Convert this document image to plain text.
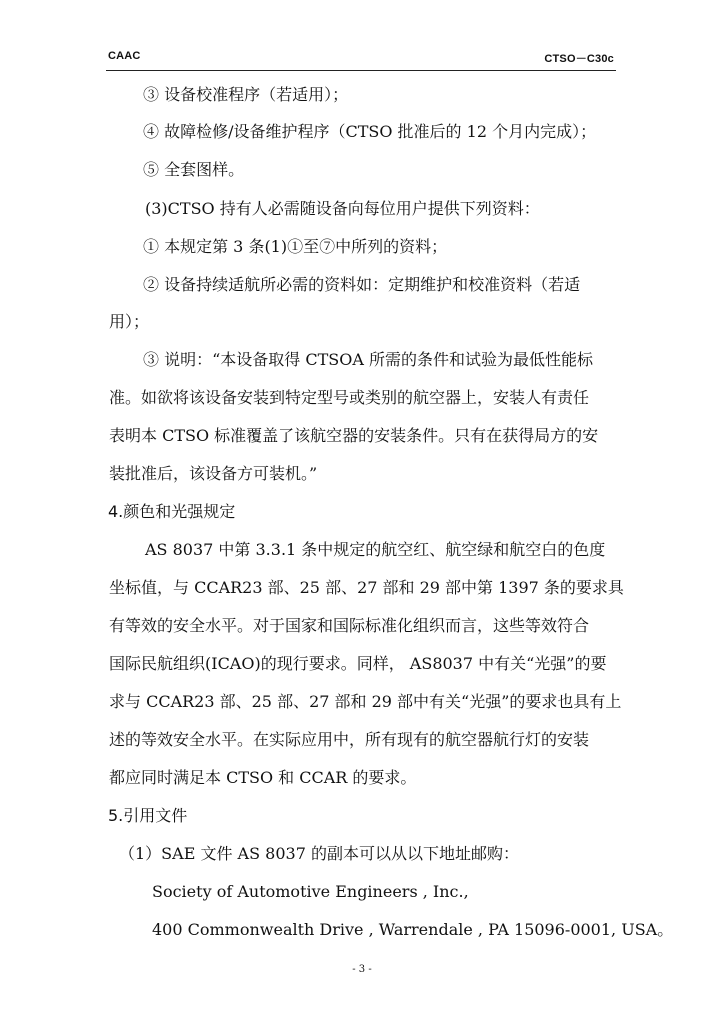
CAAC	CTSO－C30c
③ 设备校准程序（若适用）；
④ 故障检修/设备维护程序（CTSO 批准后的 12 个月内完成）；
⑤ 全套图样。
(3)CTSO 持有人必需随设备向每位用户提供下列资料：
① 本规定第 3 条(1)①至⑦中所列的资料；
② 设备持续适航所必需的资料如：定期维护和校准资料（若适
用）；
③ 说明：“本设备取得 CTSOA 所需的条件和试验为最低性能标
准。如欲将该设备安装到特定型号或类别的航空器上，安装人有责任
表明本 CTSO 标准覆盖了该航空器的安装条件。只有在获得局方的安
装批准后，该设备方可装机。”
4.颜色和光强规定
AS 8037 中第 3.3.1 条中规定的航空红、航空绿和航空白的色度
坐标值，与 CCAR23 部、25 部、27 部和 29 部中第 1397 条的要求具
有等效的安全水平。对于国家和国际标准化组织而言，这些等效符合
国际民航组织(ICAO)的现行要求。同样， AS8037 中有关“光强”的要
求与 CCAR23 部、25 部、27 部和 29 部中有关“光强”的要求也具有上
述的等效安全水平。在实际应用中，所有现有的航空器航行灯的安装
都应同时满足本 CTSO 和 CCAR 的要求。
5.引用文件
（1）SAE 文件 AS 8037 的副本可以从以下地址邮购：
Society of Automotive Engineers , Inc.,
400 Commonwealth Drive , Warrendale , PA 15096-0001, USA。
- 3 -
